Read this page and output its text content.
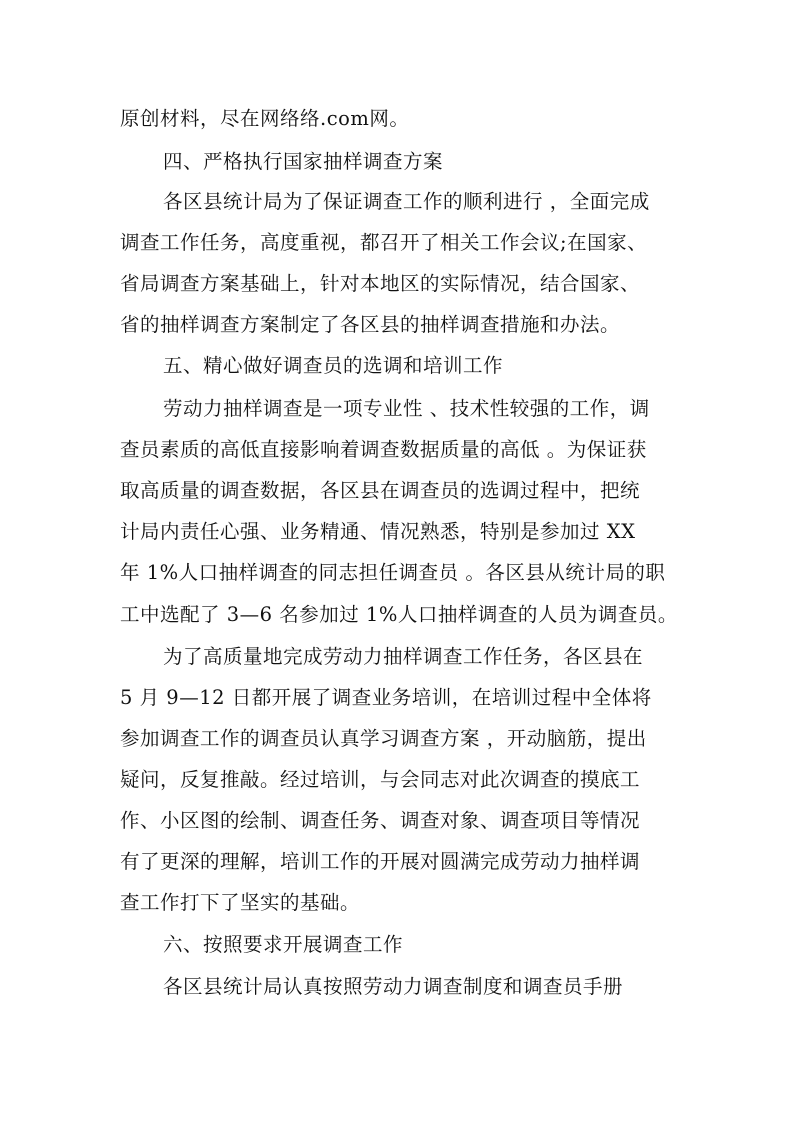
原创材料，尽在网络络.com网。
四、严格执行国家抽样调查方案
各区县统计局为了保证调查工作的顺利进行 ，全面完成
调查工作任务，高度重视，都召开了相关工作会议;在国家、
省局调查方案基础上，针对本地区的实际情况，结合国家、
省的抽样调查方案制定了各区县的抽样调查措施和办法。
五、精心做好调查员的选调和培训工作
劳动力抽样调查是一项专业性 、技术性较强的工作，调
查员素质的高低直接影响着调查数据质量的高低 。为保证获
取高质量的调查数据，各区县在调查员的选调过程中，把统
计局内责任心强、业务精通、情况熟悉，特别是参加过 XX
年 1%人口抽样调查的同志担任调查员 。各区县从统计局的职
工中选配了 3—6 名参加过 1%人口抽样调查的人员为调查员。
为了高质量地完成劳动力抽样调查工作任务，各区县在
5 月 9—12 日都开展了调查业务培训，在培训过程中全体将
参加调查工作的调查员认真学习调查方案 ，开动脑筋，提出
疑问，反复推敲。经过培训，与会同志对此次调查的摸底工
作、小区图的绘制、调查任务、调查对象、调查项目等情况
有了更深的理解，培训工作的开展对圆满完成劳动力抽样调
查工作打下了坚实的基础。
六、按照要求开展调查工作
各区县统计局认真按照劳动力调查制度和调查员手册
